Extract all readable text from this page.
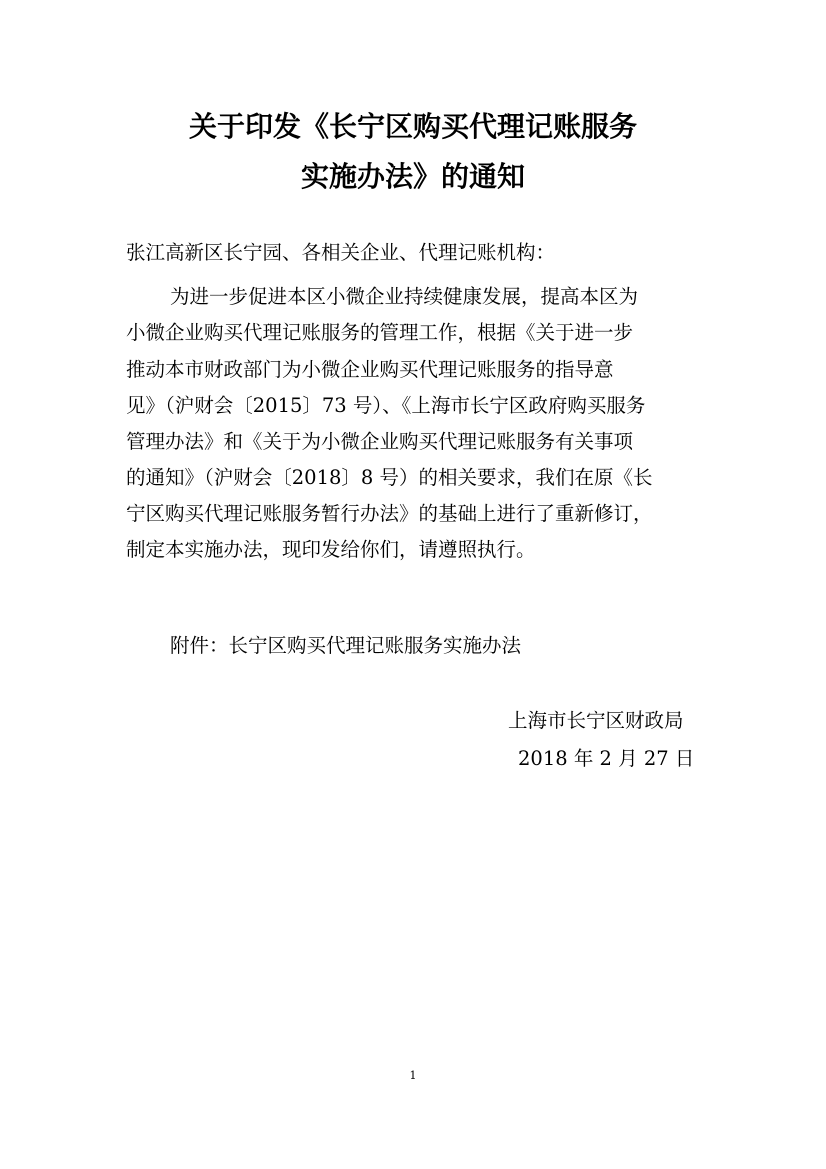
关于印发《长宁区购买代理记账服务
实施办法》的通知
张江高新区长宁园、各相关企业、代理记账机构：
为进一步促进本区小微企业持续健康发展，提高本区为
小微企业购买代理记账服务的管理工作，根据《关于进一步
推动本市财政部门为小微企业购买代理记账服务的指导意
见》（沪财会〔2015〕73 号）、《上海市长宁区政府购买服务
管理办法》和《关于为小微企业购买代理记账服务有关事项
的通知》（沪财会〔2018〕8 号）的相关要求，我们在原《长
宁区购买代理记账服务暂行办法》的基础上进行了重新修订，
制定本实施办法，现印发给你们，请遵照执行。
附件：长宁区购买代理记账服务实施办法
上海市长宁区财政局
2018 年 2 月 27 日
1
